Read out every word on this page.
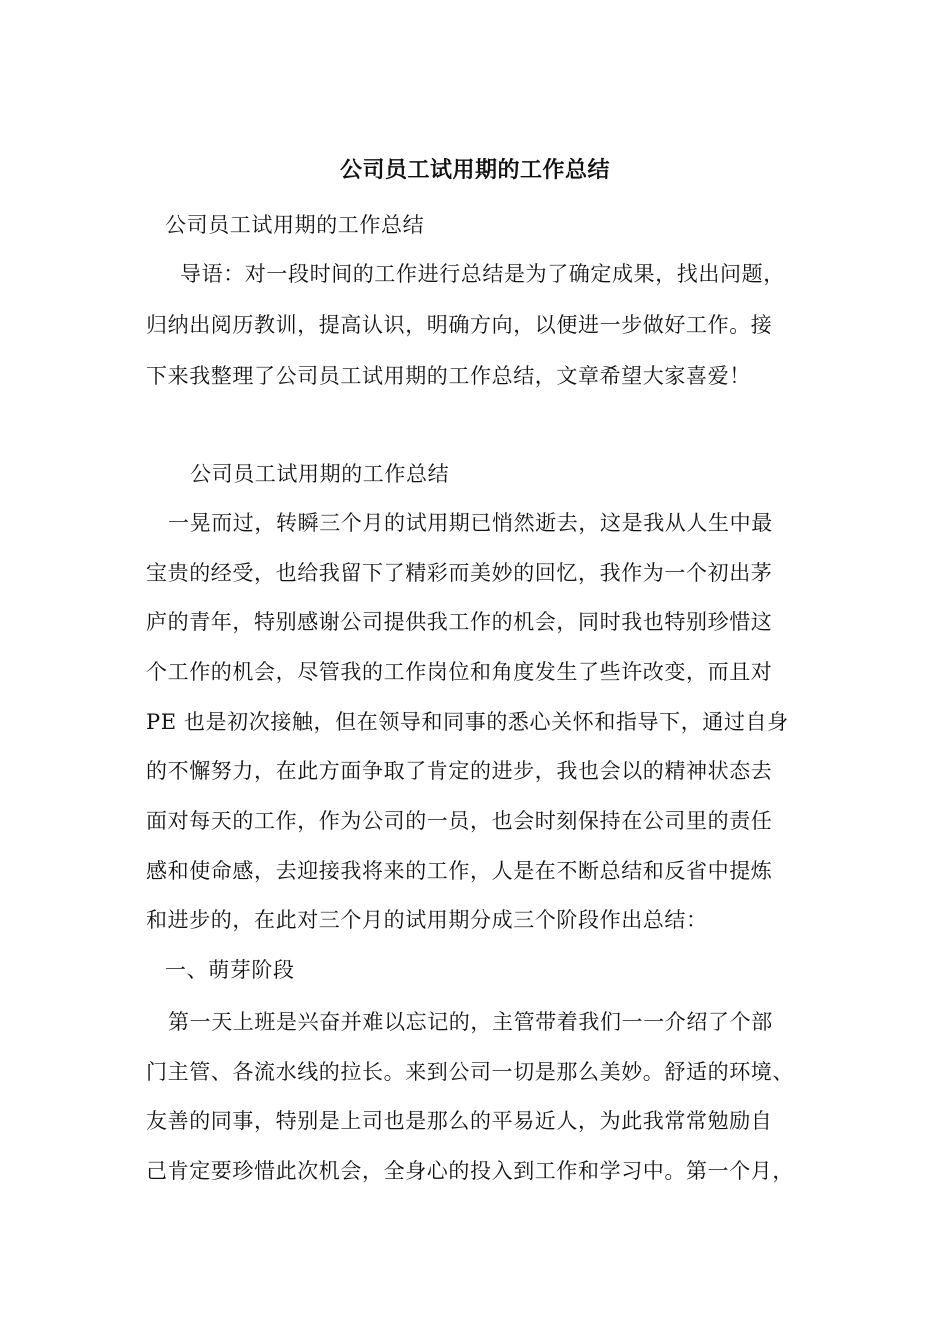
公司员工试用期的工作总结
公司员工试用期的工作总结
导语：对一段时间的工作进行总结是为了确定成果，找出问题，
归纳出阅历教训，提高认识，明确方向，以便进一步做好工作。接
下来我整理了公司员工试用期的工作总结，文章希望大家喜爱！
公司员工试用期的工作总结
一晃而过，转瞬三个月的试用期已悄然逝去，这是我从人生中最
宝贵的经受，也给我留下了精彩而美妙的回忆，我作为一个初出茅
庐的青年，特别感谢公司提供我工作的机会，同时我也特别珍惜这
个工作的机会，尽管我的工作岗位和角度发生了些许改变，而且对
PE 也是初次接触，但在领导和同事的悉心关怀和指导下，通过自身
的不懈努力，在此方面争取了肯定的进步，我也会以的精神状态去
面对每天的工作，作为公司的一员，也会时刻保持在公司里的责任
感和使命感，去迎接我将来的工作，人是在不断总结和反省中提炼
和进步的，在此对三个月的试用期分成三个阶段作出总结：
一、萌芽阶段
第一天上班是兴奋并难以忘记的，主管带着我们一一介绍了个部
门主管、各流水线的拉长。来到公司一切是那么美妙。舒适的环境、
友善的同事，特别是上司也是那么的平易近人，为此我常常勉励自
己肯定要珍惜此次机会，全身心的投入到工作和学习中。第一个月，
